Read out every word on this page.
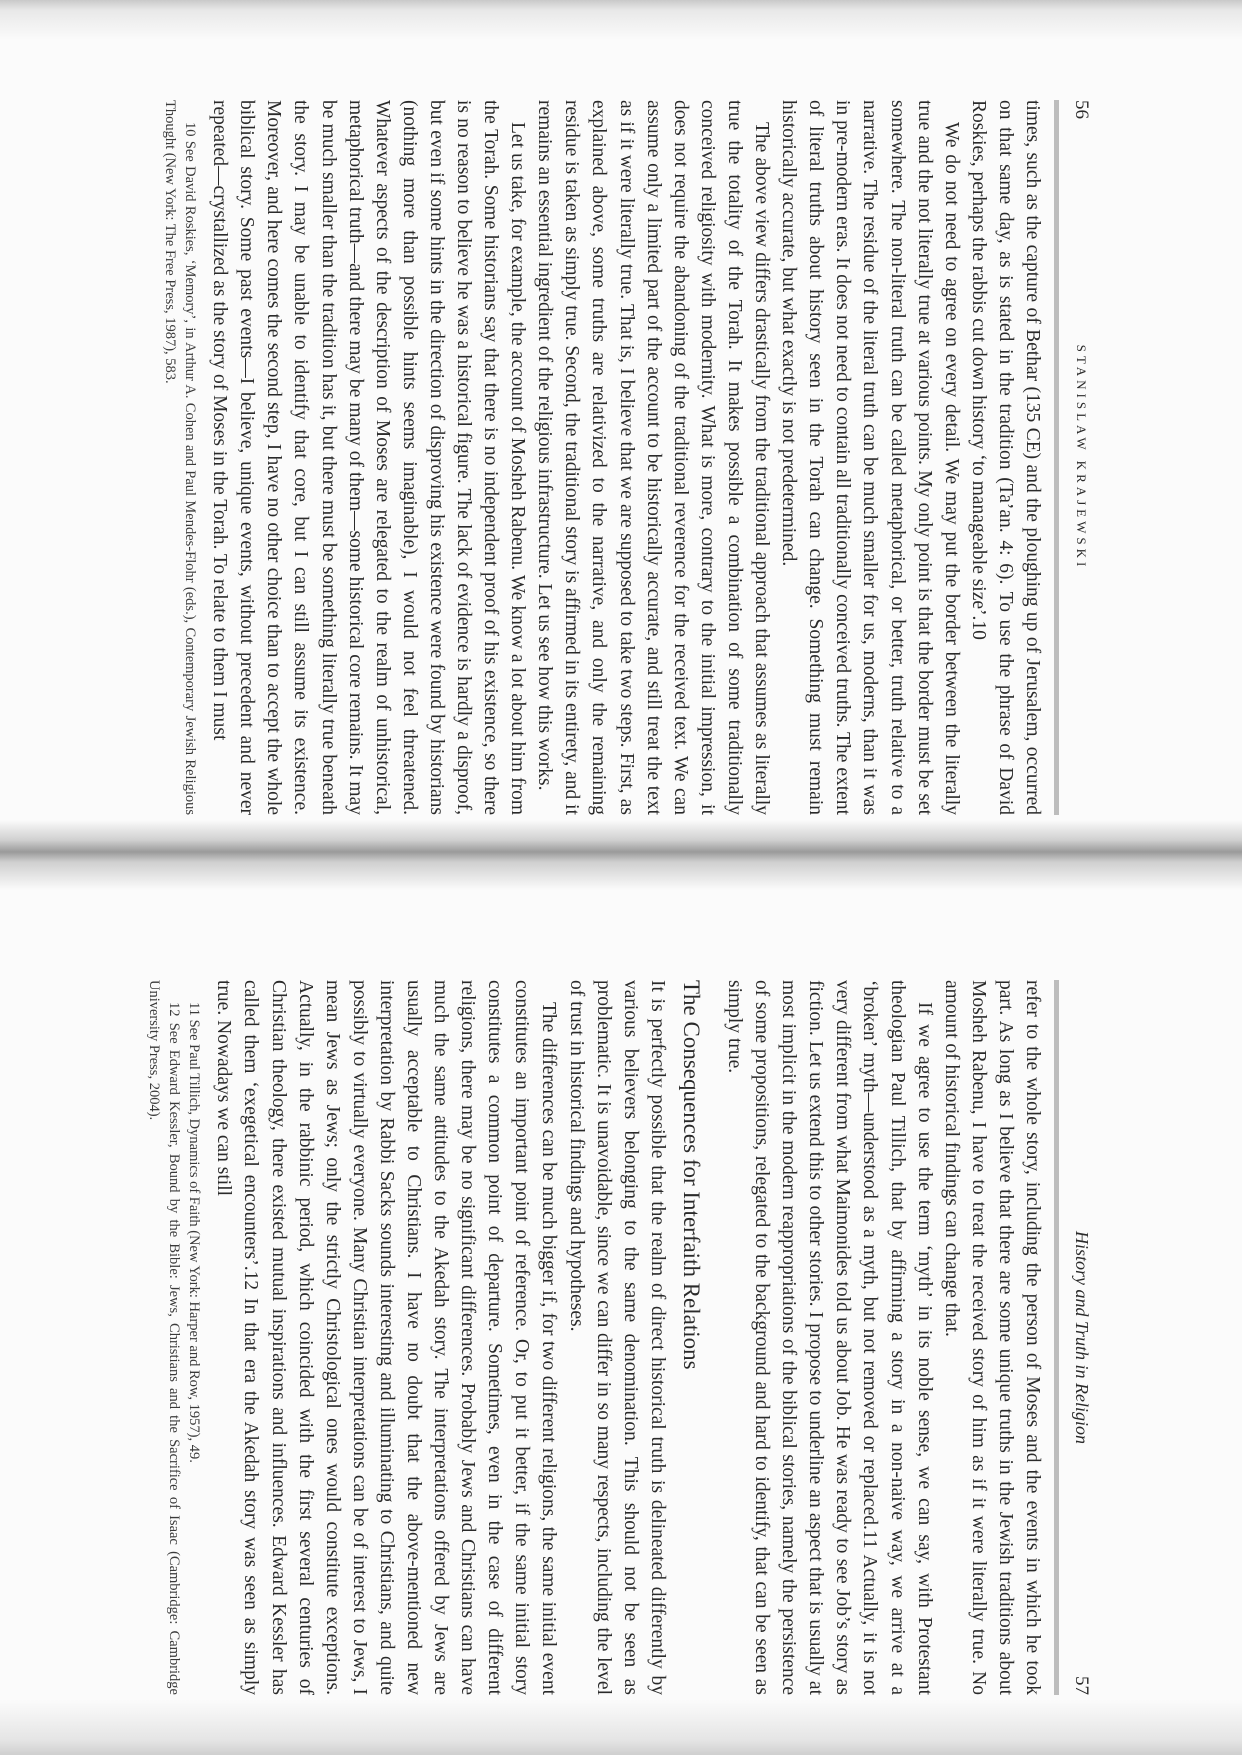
56
STANISLAW KRAJEWSKI

times, such as the capture of Bethar (135 CE) and the ploughing up of Jerusalem, occurred on that same day, as is stated in the tradition (Ta’an. 4: 6). To use the phrase of David Roskies, perhaps the rabbis cut down history ‘to manageable size’.10

We do not need to agree on every detail. We may put the border between the literally true and the not literally true at various points. My only point is that the border must be set somewhere. The non-literal truth can be called metaphorical, or better, truth relative to a narrative. The residue of the literal truth can be much smaller for us, moderns, than it was in pre-modern eras. It does not need to contain all traditionally conceived truths. The extent of literal truths about history seen in the Torah can change. Something must remain historically accurate, but what exactly is not predetermined.

The above view differs drastically from the traditional approach that assumes as literally true the totality of the Torah. It makes possible a combination of some traditionally conceived religiosity with modernity. What is more, contrary to the initial impression, it does not require the abandoning of the traditional reverence for the received text. We can assume only a limited part of the account to be historically accurate, and still treat the text as if it were literally true. That is, I believe that we are supposed to take two steps. First, as explained above, some truths are relativized to the narrative, and only the remaining residue is taken as simply true. Second, the traditional story is affirmed in its entirety, and it remains an essential ingredient of the religious infrastructure. Let us see how this works.

Let us take, for example, the account of Mosheh Rabenu. We know a lot about him from the Torah. Some historians say that there is no independent proof of his existence, so there is no reason to believe he was a historical figure. The lack of evidence is hardly a disproof, but even if some hints in the direction of disproving his existence were found by historians (nothing more than possible hints seems imaginable), I would not feel threatened. Whatever aspects of the description of Moses are relegated to the realm of unhistorical, metaphorical truth—and there may be many of them—some historical core remains. It may be much smaller than the tradition has it, but there must be something literally true beneath the story. I may be unable to identify that core, but I can still assume its existence. Moreover, and here comes the second step, I have no other choice than to accept the whole biblical story. Some past events—I believe, unique events, without precedent and never repeated—crystallized as the story of Moses in the Torah. To relate to them I must

10 See David Roskies, ‘Memory’, in Arthur A. Cohen and Paul Mendes-Flohr (eds.), Contemporary Jewish Religious Thought (New York: The Free Press, 1987), 583.

History and Truth in Religion
57

refer to the whole story, including the person of Moses and the events in which he took part. As long as I believe that there are some unique truths in the Jewish traditions about Mosheh Rabenu, I have to treat the received story of him as if it were literally true. No amount of historical findings can change that.

If we agree to use the term ‘myth’ in its noble sense, we can say, with Protestant theologian Paul Tillich, that by affirming a story in a non-naive way, we arrive at a ‘broken’ myth—understood as a myth, but not removed or replaced.11 Actually, it is not very different from what Maimonides told us about Job. He was ready to see Job’s story as fiction. Let us extend this to other stories. I propose to underline an aspect that is usually at most implicit in the modern reappropriations of the biblical stories, namely the persistence of some propositions, relegated to the background and hard to identify, that can be seen as simply true.

The Consequences for Interfaith Relations

It is perfectly possible that the realm of direct historical truth is delineated differently by various believers belonging to the same denomination. This should not be seen as problematic. It is unavoidable, since we can differ in so many respects, including the level of trust in historical findings and hypotheses.

The differences can be much bigger if, for two different religions, the same initial event constitutes an important point of reference. Or, to put it better, if the same initial story constitutes a common point of departure. Sometimes, even in the case of different religions, there may be no significant differences. Probably Jews and Christians can have much the same attitudes to the Akedah story. The interpretations offered by Jews are usually acceptable to Christians. I have no doubt that the above-mentioned new interpretation by Rabbi Sacks sounds interesting and illuminating to Christians, and quite possibly to virtually everyone. Many Christian interpretations can be of interest to Jews, I mean Jews as Jews; only the strictly Christological ones would constitute exceptions. Actually, in the rabbinic period, which coincided with the first several centuries of Christian theology, there existed mutual inspirations and influences. Edward Kessler has called them ‘exegetical encounters’.12 In that era the Akedah story was seen as simply true. Nowadays we can still

11 See Paul Tillich, Dynamics of Faith (New York: Harper and Row, 1957), 49.

12 See Edward Kessler, Bound by the Bible: Jews, Christians and the Sacrifice of Isaac (Cambridge: Cambridge University Press, 2004).
